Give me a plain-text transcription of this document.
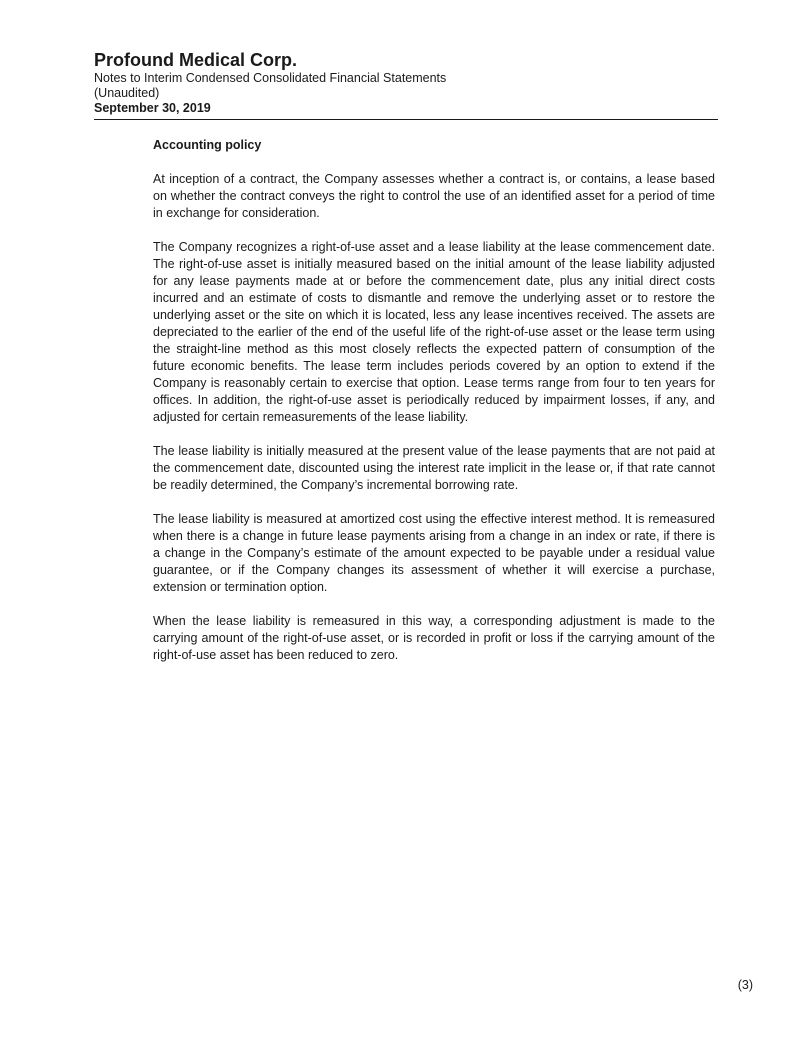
Profound Medical Corp.

Notes to Interim Condensed Consolidated Financial Statements

(Unaudited)

September 30, 2019

Accounting policy

At inception of a contract, the Company assesses whether a contract is, or contains, a lease based on whether the contract conveys the right to control the use of an identified asset for a period of time in exchange for consideration.

The Company recognizes a right-of-use asset and a lease liability at the lease commencement date. The right-of-use asset is initially measured based on the initial amount of the lease liability adjusted for any lease payments made at or before the commencement date, plus any initial direct costs incurred and an estimate of costs to dismantle and remove the underlying asset or to restore the underlying asset or the site on which it is located, less any lease incentives received. The assets are depreciated to the earlier of the end of the useful life of the right-of-use asset or the lease term using the straight-line method as this most closely reflects the expected pattern of consumption of the future economic benefits. The lease term includes periods covered by an option to extend if the Company is reasonably certain to exercise that option. Lease terms range from four to ten years for offices. In addition, the right-of-use asset is periodically reduced by impairment losses, if any, and adjusted for certain remeasurements of the lease liability.

The lease liability is initially measured at the present value of the lease payments that are not paid at the commencement date, discounted using the interest rate implicit in the lease or, if that rate cannot be readily determined, the Company’s incremental borrowing rate.

The lease liability is measured at amortized cost using the effective interest method. It is remeasured when there is a change in future lease payments arising from a change in an index or rate, if there is a change in the Company’s estimate of the amount expected to be payable under a residual value guarantee, or if the Company changes its assessment of whether it will exercise a purchase, extension or termination option.

When the lease liability is remeasured in this way, a corresponding adjustment is made to the carrying amount of the right-of-use asset, or is recorded in profit or loss if the carrying amount of the right-of-use asset has been reduced to zero.

(3)
